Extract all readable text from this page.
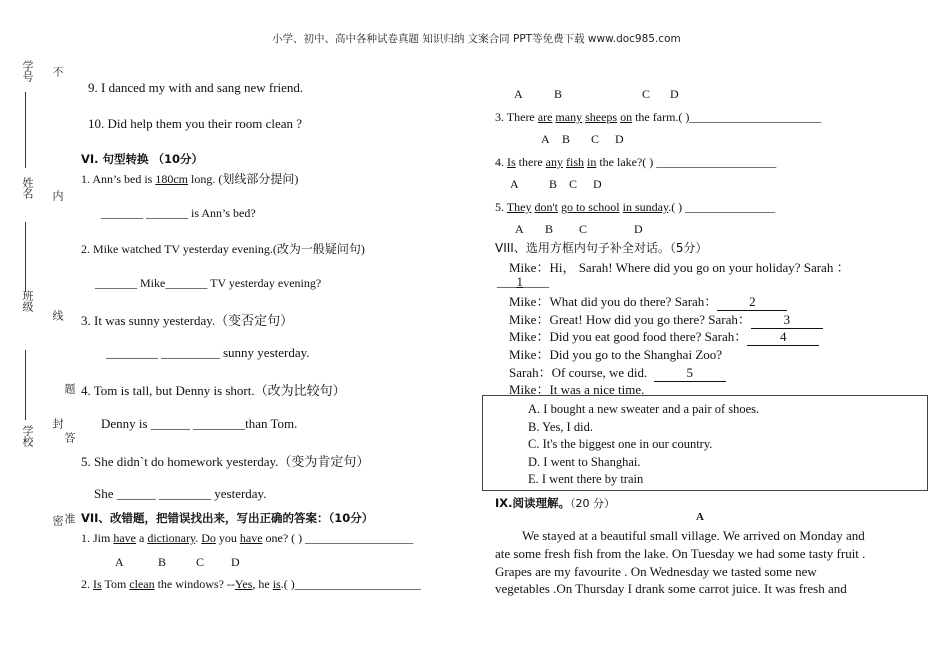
小学、初中、高中各种试卷真题 知识归纳 文案合同 PPT等免费下载 www.doc985.com
学号
姓名
班级
学校
不
内
线
题
封
答
密 准
9. I danced my with and sang new friend.
10. Did help them you their room clean ?
VI. 句型转换 （10分）
1. Ann’s bed is 180cm long. (划线部分提问)
_______ _______ is Ann’s bed?
2. Mike watched TV yesterday evening.(改为一般疑问句)
_______ Mike_______ TV yesterday evening?
3. It was sunny yesterday.（变否定句）
________ _________ sunny yesterday.
4. Tom is tall, but Denny is short.（改为比较句）
Denny is ______ ________than Tom.
5. She didn`t do homework yesterday.（变为肯定句）
She ______ ________ yesterday.
VII、改错题，把错误找出来，写出正确的答案：（10分）
1. Jim have a dictionary. Do you have one? ( ) __________________
A	B C D
2. Is Tom clean the windows? --Yes, he is.( )_____________________
A	B	C D
3. There are many sheeps on the farm.( )______________________
A B C D
4. Is there any fish in the lake?( ) ____________________
A	B C D
5. They don't go to school in sunday.( ) _______________
A B C	D
VIII、选用方框内句子补全对话。（5分）
Mike：Hi， Sarah! Where did you go on your holiday? Sarah ：
___1____
Mike：What did you do there? Sarah： 2
Mike：Great! How did you go there? Sarah：	3
Mike：Did you eat good food there? Sarah：	4
Mike：Did you go to the Shanghai Zoo?
Sarah：Of course, we did.	5
Mike：It was a nice time.
A. I bought a new sweater and a pair of shoes.
B. Yes, I did.
C. It's the biggest one in our country.
D. I went to Shanghai.
E. I went there by train
IX.阅读理解。（20 分）
A
We stayed at a beautiful small village. We arrived on Monday and
ate some fresh fish from the lake. On Tuesday we had some tasty fruit .
Grapes are my favourite . On Wednesday we tasted some new
vegetables .On Thursday I drank some carrot juice. It was fresh and
